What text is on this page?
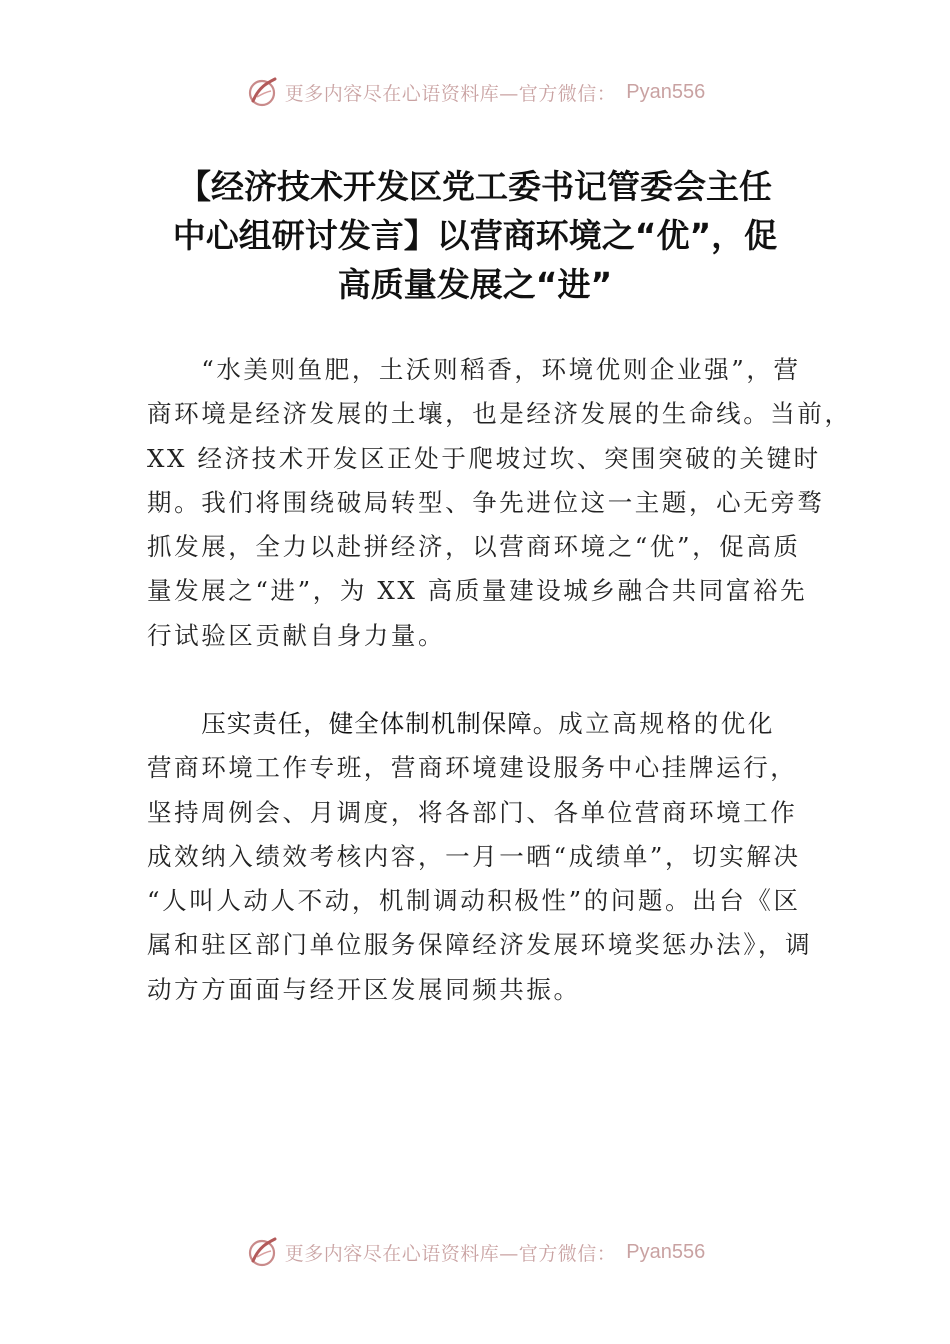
更多内容尽在心语资料库—官方微信： Pyan556
【经济技术开发区党工委书记管委会主任
中心组研讨发言】以营商环境之“优”，促
高质量发展之“进”
　　“水美则鱼肥，土沃则稻香，环境优则企业强”，营
商环境是经济发展的土壤，也是经济发展的生命线。当前，
XX 经济技术开发区正处于爬坡过坎、突围突破的关键时
期。我们将围绕破局转型、争先进位这一主题，心无旁骛
抓发展，全力以赴拼经济，以营商环境之“优”，促高质
量发展之“进”，为 XX 高质量建设城乡融合共同富裕先
行试验区贡献自身力量。
　　压实责任，健全体制机制保障。成立高规格的优化
营商环境工作专班，营商环境建设服务中心挂牌运行，
坚持周例会、月调度，将各部门、各单位营商环境工作
成效纳入绩效考核内容，一月一晒“成绩单”，切实解决
“人叫人动人不动，机制调动积极性”的问题。出台《区
属和驻区部门单位服务保障经济发展环境奖惩办法》，调
动方方面面与经开区发展同频共振。
更多内容尽在心语资料库—官方微信： Pyan556
